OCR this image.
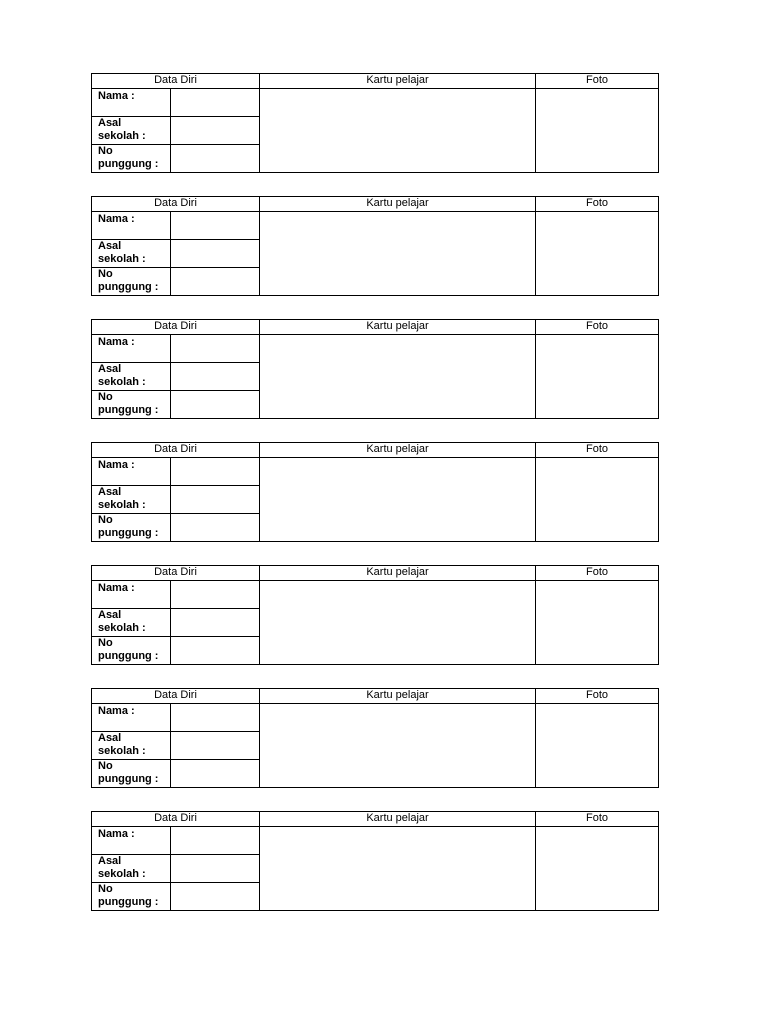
Data Diri		Kartu pelajar	Foto
Nama :			
Asal
sekolah :			
No
punggung :			
Data Diri		Kartu pelajar	Foto
Nama :			
Asal
sekolah :			
No
punggung :			
Data Diri		Kartu pelajar	Foto
Nama :			
Asal
sekolah :			
No
punggung :			
Data Diri		Kartu pelajar	Foto
Nama :			
Asal
sekolah :			
No
punggung :			
Data Diri		Kartu pelajar	Foto
Nama :			
Asal
sekolah :			
No
punggung :			
Data Diri		Kartu pelajar	Foto
Nama :			
Asal
sekolah :			
No
punggung :			
Data Diri		Kartu pelajar	Foto
Nama :			
Asal
sekolah :			
No
punggung :			
